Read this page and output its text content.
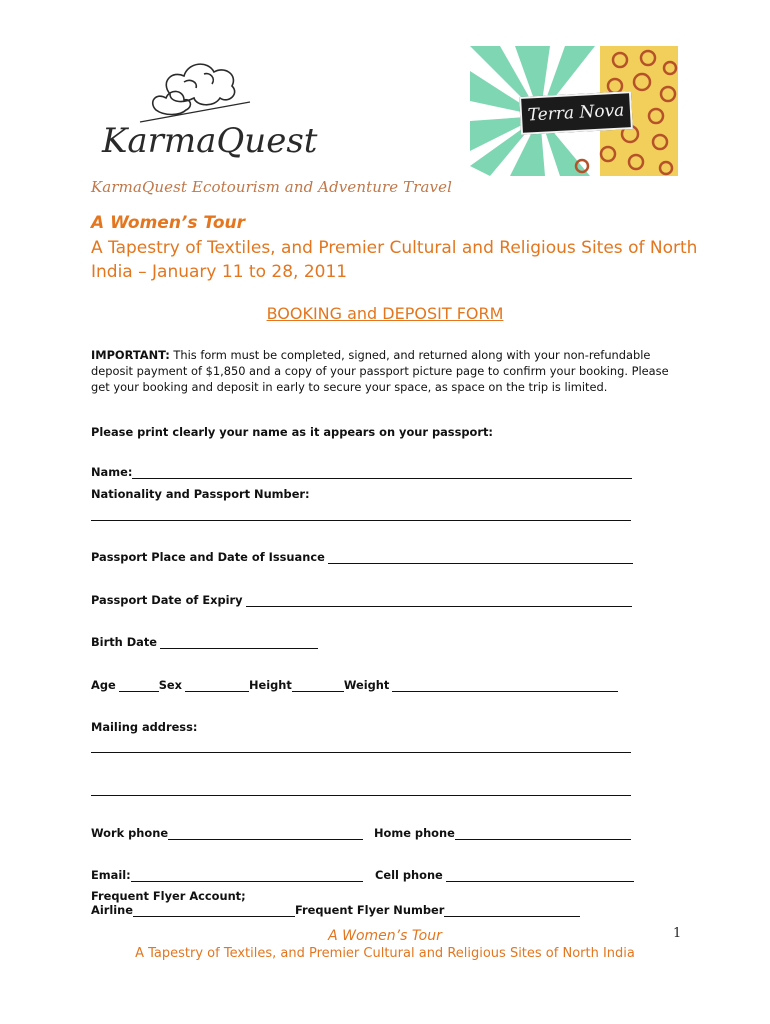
KarmaQuest
Terra Nova
KarmaQuest Ecotourism and Adventure Travel
A Women’s Tour
A Tapestry of Textiles, and Premier Cultural and Religious Sites of North India – January 11 to 28, 2011
BOOKING and DEPOSIT FORM
IMPORTANT: This form must be completed, signed, and returned along with your non-refundable deposit payment of $1,850 and a copy of your passport picture page to confirm your booking. Please get your booking and deposit in early to secure your space, as space on the trip is limited.
Please print clearly your name as it appears on your passport:
Name:
Nationality and Passport Number:
Passport Place and Date of Issuance
Passport Date of Expiry
Birth Date
Age	Sex	Height	Weight
Mailing address:
Work phone	Home phone
Email:	Cell phone
Frequent Flyer Account;
Airline	Frequent Flyer Number
A Women’s Tour	1
A Tapestry of Textiles, and Premier Cultural and Religious Sites of North India
